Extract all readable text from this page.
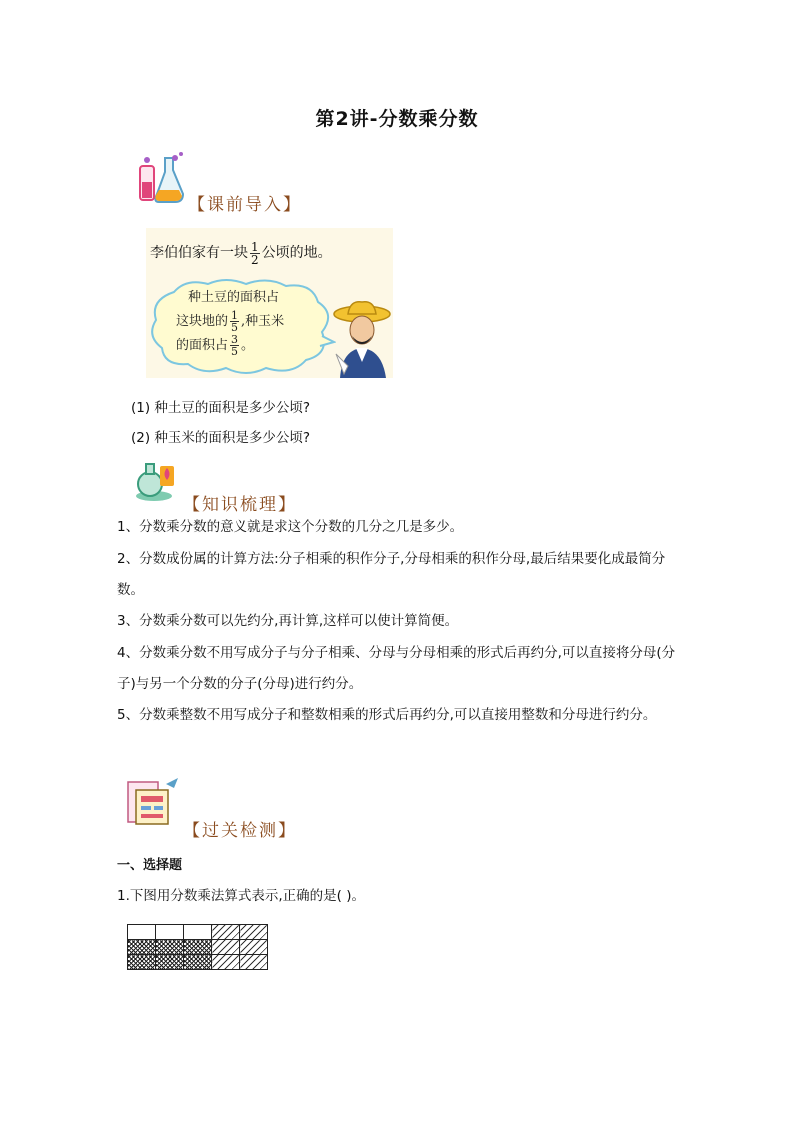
第2讲-分数乘分数
【课前导入】
李伯伯家有一块 $\frac{1}{2}$ 公顷的地。
种土豆的面积占
这块地的 $\frac{1}{5}$ ,种玉米
的面积占 $\frac{3}{5}$ 。
(1) 种土豆的面积是多少公顷?
(2) 种玉米的面积是多少公顷?
【知识梳理】
1、分数乘分数的意义就是求这个分数的几分之几是多少。
2、分数成份属的计算方法:分子相乘的积作分子,分母相乘的积作分母,最后结果要化成最简分数。
3、分数乘分数可以先约分,再计算,这样可以使计算简便。
4、分数乘分数不用写成分子与分子相乘、分母与分母相乘的形式后再约分,可以直接将分母(分子)与另一个分数的分子(分母)进行约分。
5、分数乘整数不用写成分子和整数相乘的形式后再约分,可以直接用整数和分母进行约分。
【过关检测】
一、选择题
1.下图用分数乘法算式表示,正确的是( )。
